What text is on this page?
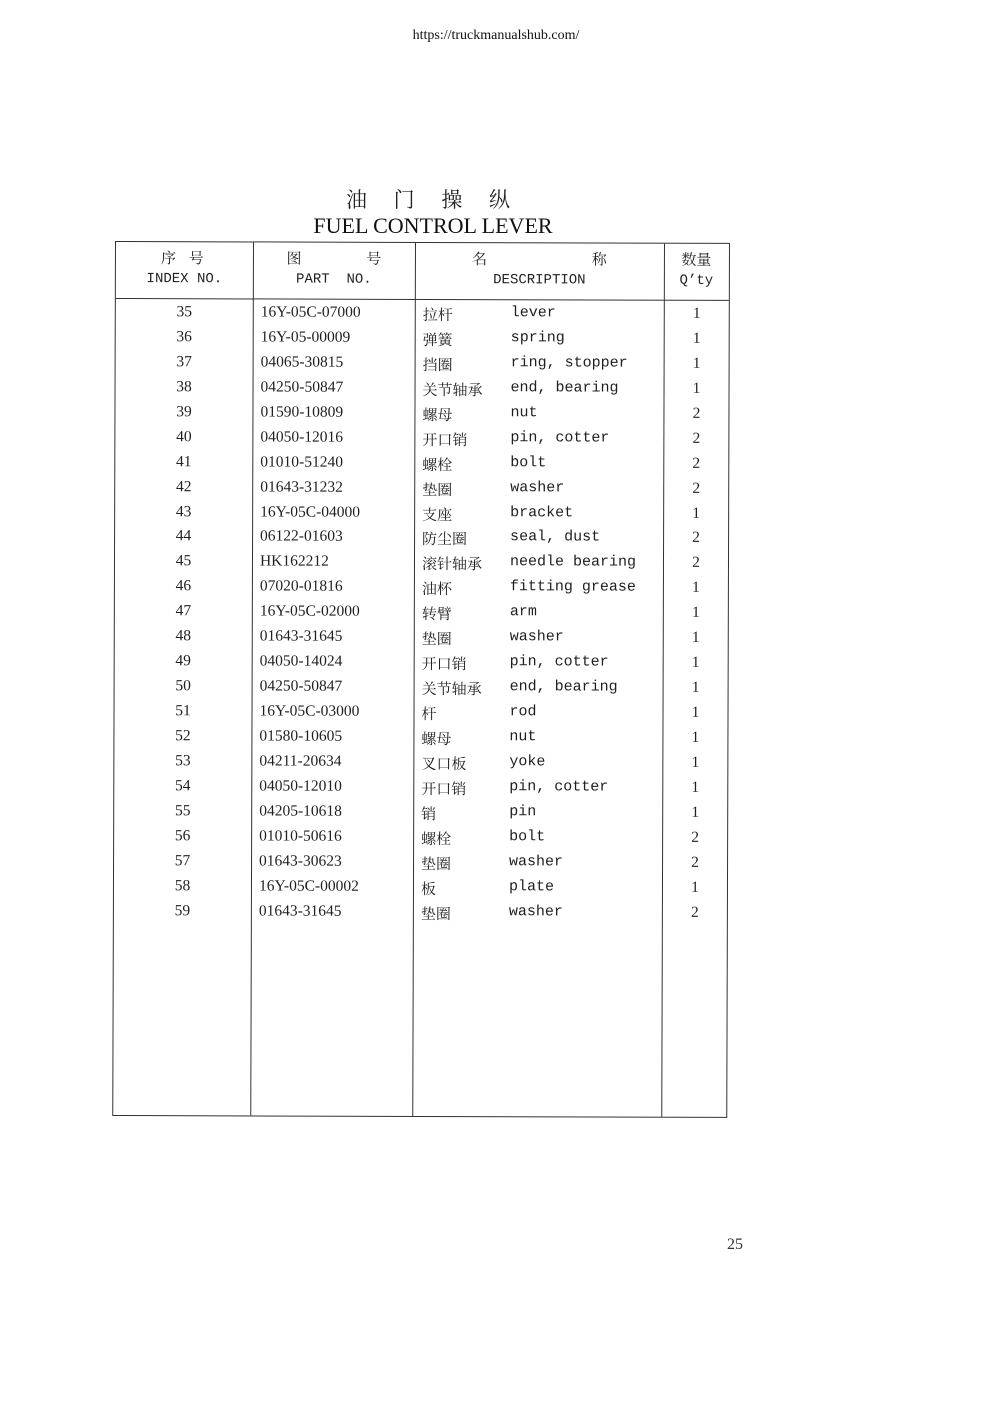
https://truckmanualshub.com/
油 门 操 纵
FUEL CONTROL LEVER
序 号
INDEX NO.
图 号
PART  NO.
名 称
DESCRIPTION
数量
Q’ty
35	16Y-05C-07000	拉杆	lever	1
36	16Y-05-00009	弹簧	spring	1
37	04065-30815	挡圈	ring, stopper	1
38	04250-50847	关节轴承 end, bearing	1
39	01590-10809	螺母	nut	2
40	04050-12016	开口销	pin, cotter	2
41	01010-51240	螺栓	bolt	2
42	01643-31232	垫圈	washer	2
43	16Y-05C-04000	支座	bracket	1
44	06122-01603	防尘圈	seal, dust	2
45	HK162212	滚针轴承 needle bearing	2
46	07020-01816	油杯	fitting grease	1
47	16Y-05C-02000	转臂	arm	1
48	01643-31645	垫圈	washer	1
49	04050-14024	开口销	pin, cotter	1
50	04250-50847	关节轴承 end, bearing	1
51	16Y-05C-03000	杆	rod	1
52	01580-10605	螺母	nut	1
53	04211-20634	叉口板	yoke	1
54	04050-12010	开口销	pin, cotter	1
55	04205-10618	销	pin	1
56	01010-50616	螺栓	bolt	2
57	01643-30623	垫圈	washer	2
58	16Y-05C-00002	板	plate	1
59	01643-31645	垫圈	washer	2
25
